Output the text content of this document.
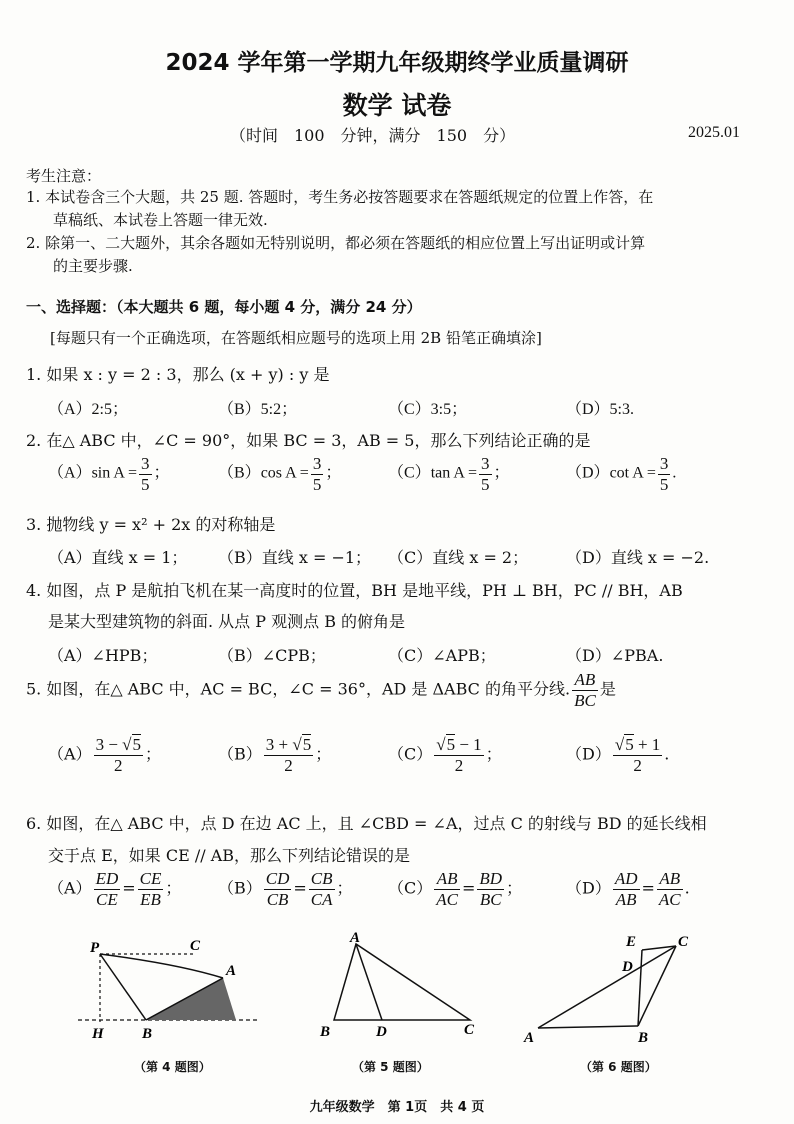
2024 学年第一学期九年级期终学业质量调研
数学 试卷
（时间　100　分钟，满分　150　分）	2025.01
考生注意：
1. 本试卷含三个大题，共 25 题. 答题时，考生务必按答题要求在答题纸规定的位置上作答，在
草稿纸、本试卷上答题一律无效.
2. 除第一、二大题外，其余各题如无特别说明，都必须在答题纸的相应位置上写出证明或计算
的主要步骤.
一、选择题：（本大题共 6 题，每小题 4 分，满分 24 分）
[每题只有一个正确选项，在答题纸相应题号的选项上用 2B 铅笔正确填涂]
1. 如果 x : y = 2 : 3，那么 (x + y) : y 是
（A）2:5；	（B）5:2；	（C）3:5；	（D）5:3.
2. 在△ ABC 中，∠C = 90°，如果 BC = 3，AB = 5，那么下列结论正确的是
（A）sin $A = \frac{3}{5}$ ；	（B）cos $A = \frac{3}{5}$ ；	（C）tan $A = \frac{3}{5}$ ；	（D）cot $A = \frac{3}{5}$ .
3. 抛物线 y = x² + 2x 的对称轴是
（A）直线 x = 1； （B）直线 x = −1； （C）直线 x = 2； （D）直线 x = −2.
4. 如图，点 P 是航拍飞机在某一高度时的位置，BH 是地平线，PH ⊥ BH，PC // BH，AB
是某大型建筑物的斜面. 从点 P 观测点 B 的俯角是
（A）∠HPB；	（B）∠CPB；	（C）∠APB；	（D）∠PBA.
5. 如图，在△ ABC 中，AC = BC，∠C = 36°，AD 是 ΔABC 的角平分线. $\frac{AB}{BC}$ 是
$(A) \frac{3 - √5}{2}$ ；	$(B) \frac{3 + √5}{2}$ ；	$(C) \frac{√5 - 1}{2}$ ；	$(D) \frac{√5 + 1}{2}$ .
6. 如图，在△ ABC 中，点 D 在边 AC 上，且 ∠CBD = ∠A，过点 C 的射线与 BD 的延长线相
交于点 E，如果 CE // AB，那么下列结论错误的是
$(A) \frac{ED}{CE} = \frac{CE}{EB}$ ； $(B) \frac{CD}{CB} = \frac{CB}{CA}$ ； $(C) \frac{AB}{AC} = \frac{BD}{BC}$ ；	$(D) \frac{AD}{AB} = \frac{AB}{AC}$ .
P	C
A
H	B
（第 4 题图）
A
B	D	C
（第 5 题图）
E	C
D
A	B
（第 6 题图）
九年级数学　第 1页　共 4 页
